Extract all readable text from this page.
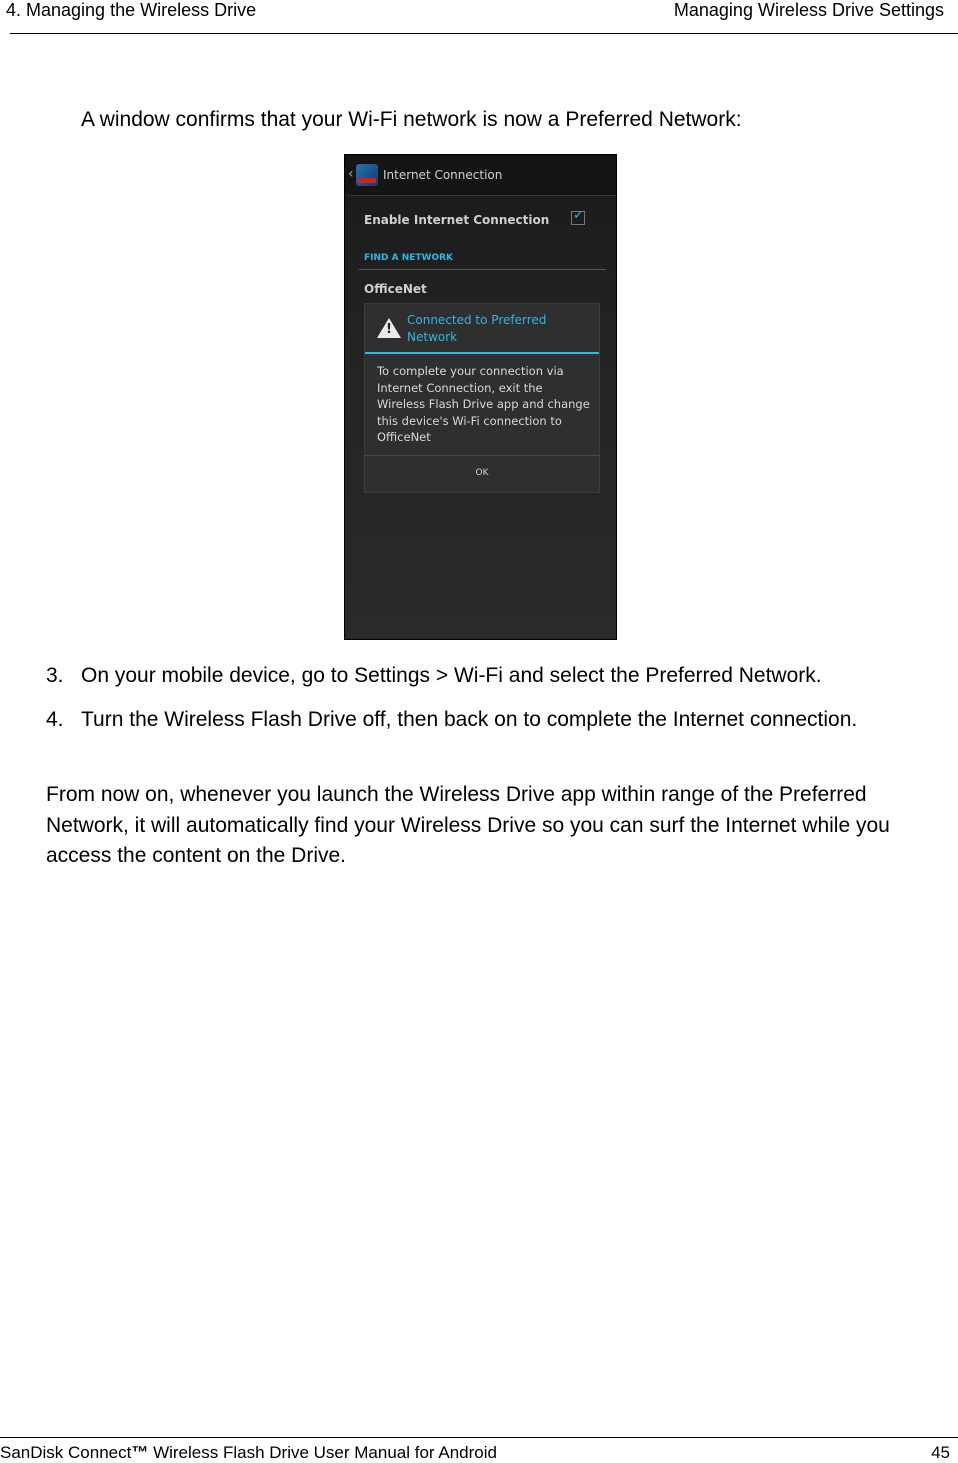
4. Managing the Wireless Drive	Managing Wireless Drive Settings
A window confirms that your Wi-Fi network is now a Preferred Network:
‹ Internet Connection
Enable Internet Connection
✓
FIND A NETWORK
OfficeNet
!
Connected to Preferred Network
To complete your connection via Internet Connection, exit the Wireless Flash Drive app and change this device's Wi-Fi connection to OfficeNet
OK
3. On your mobile device, go to Settings > Wi-Fi and select the Preferred Network.
4. Turn the Wireless Flash Drive off, then back on to complete the Internet connection.
From now on, whenever you launch the Wireless Drive app within range of the Preferred Network, it will automatically find your Wireless Drive so you can surf the Internet while you access the content on the Drive.
SanDisk Connect™ Wireless Flash Drive User Manual for Android	45
